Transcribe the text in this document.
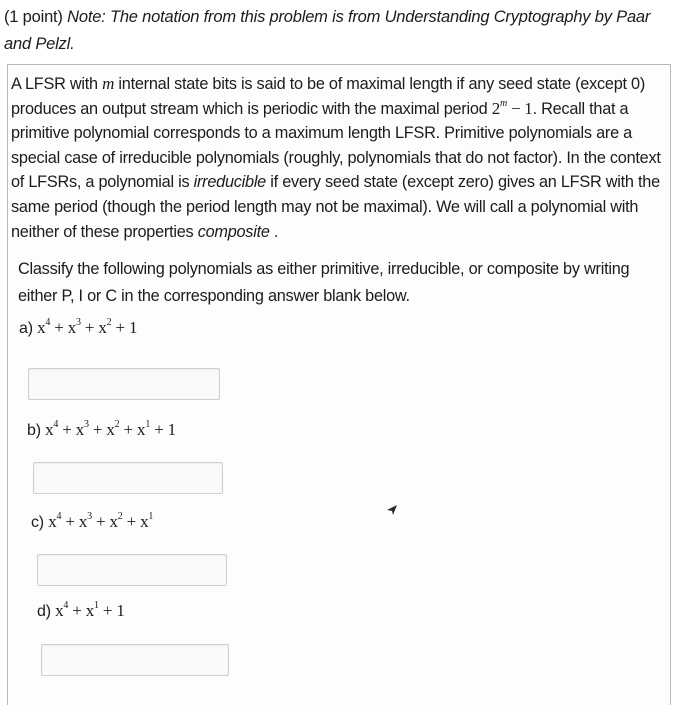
(1 point) Note: The notation from this problem is from Understanding Cryptography by Paar and Pelzl.
A LFSR with m internal state bits is said to be of maximal length if any seed state (except 0) produces an output stream which is periodic with the maximal period $2^m - 1$. Recall that a primitive polynomial corresponds to a maximum length LFSR. Primitive polynomials are a special case of irreducible polynomials (roughly, polynomials that do not factor). In the context of LFSRs, a polynomial is irreducible if every seed state (except zero) gives an LFSR with the same period (though the period length may not be maximal). We will call a polynomial with neither of these properties composite .
Classify the following polynomials as either primitive, irreducible, or composite by writing either P, I or C in the corresponding answer blank below.
a) $x^4 + x^3 + x^2 + 1$
b) $x^4 + x^3 + x^2 + x^1 + 1$
c) $x^4 + x^3 + x^2 + x^1$
d) $x^4 + x^1 + 1$
